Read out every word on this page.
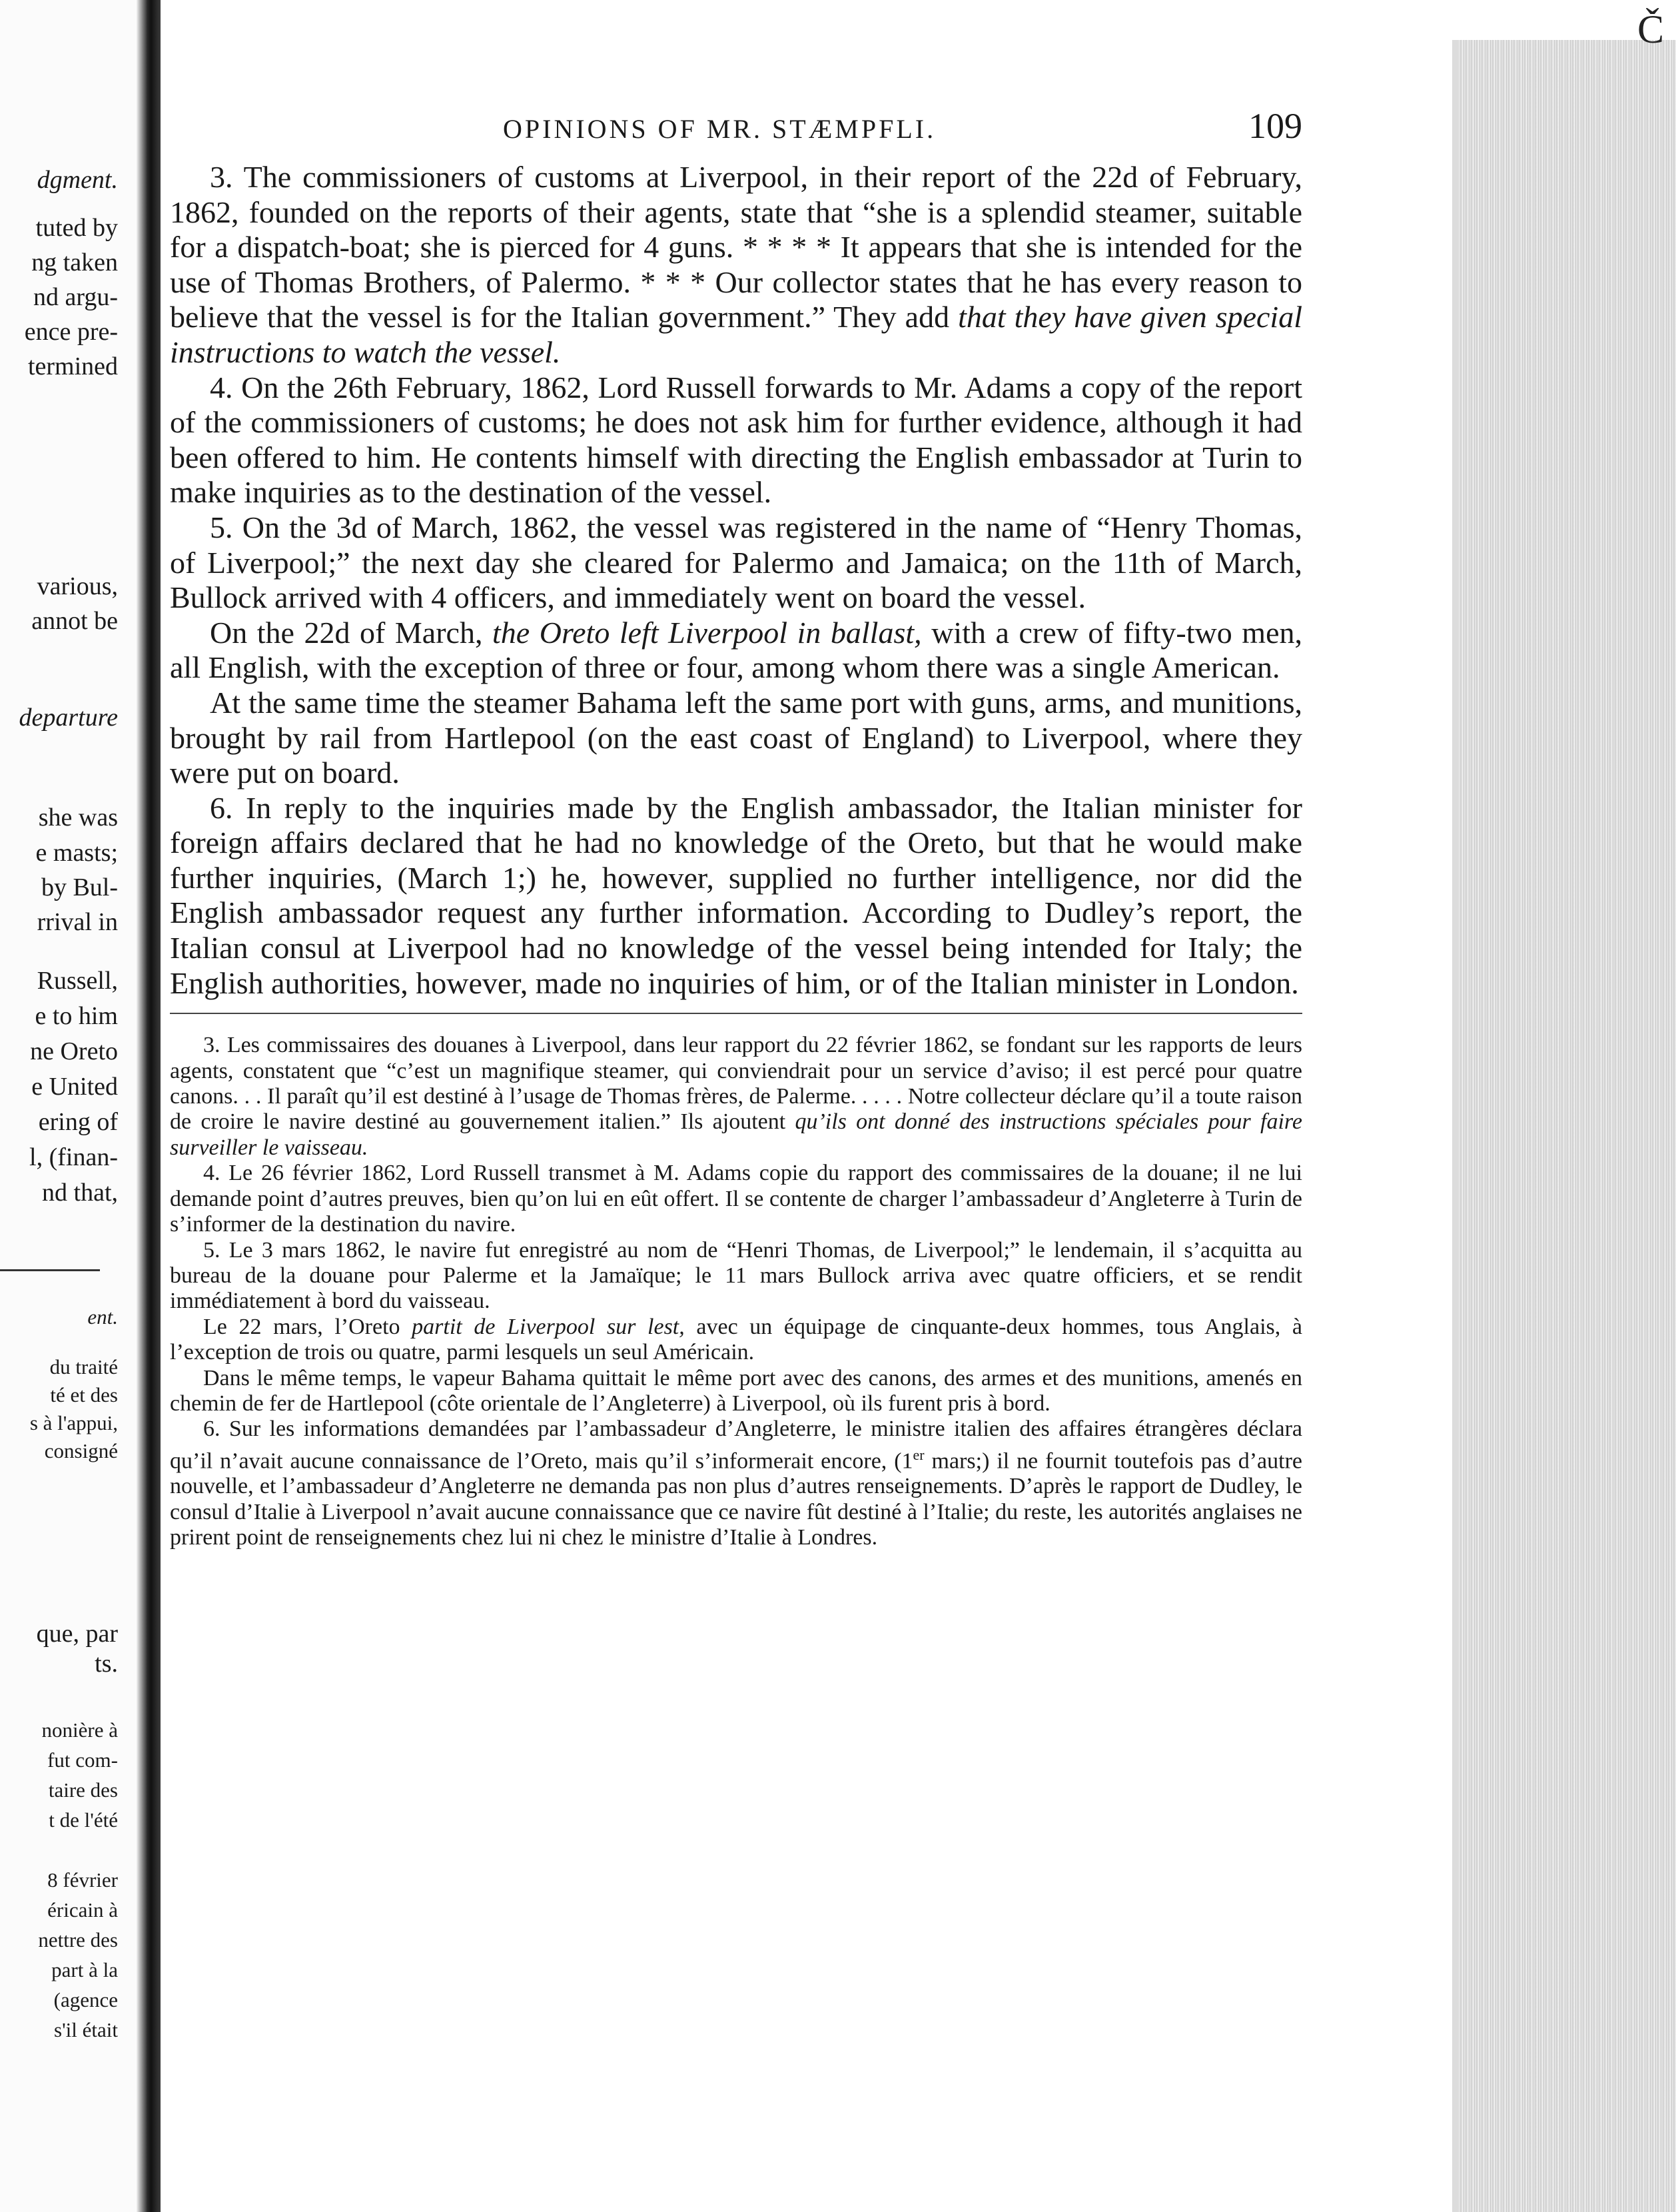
dgment.
tuted by
ng taken
nd argu-
ence pre-
termined
various,
annot be
departure
she was
e masts;
by Bul-
rrival in
Russell,
e to him
ne Oreto
e United
ering of
l, (finan-
nd that,
ent.
du traité
té et des
s à l'appui,
consigné
que, par
ts.
nonière à
fut com-
taire des
t de l'été
8 février
éricain à
nettre des
part à la
(agence
s'il était
Č
OPINIONS OF MR. STÆMPFLI.	109

3. The commissioners of customs at Liverpool, in their report of the 22d of February, 1862, founded on the reports of their agents, state that “she is a splendid steamer, suitable for a dispatch-boat; she is pierced for 4 guns. * * * * It appears that she is intended for the use of Thomas Brothers, of Palermo. * * * Our collector states that he has every reason to believe that the vessel is for the Italian government.” They add that they have given special instructions to watch the vessel.

4. On the 26th February, 1862, Lord Russell forwards to Mr. Adams a copy of the report of the commissioners of customs; he does not ask him for further evidence, although it had been offered to him. He contents himself with directing the English embassador at Turin to make inquiries as to the destination of the vessel.

5. On the 3d of March, 1862, the vessel was registered in the name of “Henry Thomas, of Liverpool;” the next day she cleared for Palermo and Jamaica; on the 11th of March, Bullock arrived with 4 officers, and immediately went on board the vessel.

On the 22d of March, the Oreto left Liverpool in ballast, with a crew of fifty-two men, all English, with the exception of three or four, among whom there was a single American.

At the same time the steamer Bahama left the same port with guns, arms, and munitions, brought by rail from Hartlepool (on the east coast of England) to Liverpool, where they were put on board.

6. In reply to the inquiries made by the English ambassador, the Italian minister for foreign affairs declared that he had no knowledge of the Oreto, but that he would make further inquiries, (March 1;) he, however, supplied no further intelligence, nor did the English ambassador request any further information. According to Dudley’s report, the Italian consul at Liverpool had no knowledge of the vessel being intended for Italy; the English authorities, however, made no inquiries of him, or of the Italian minister in London.

3. Les commissaires des douanes à Liverpool, dans leur rapport du 22 février 1862, se fondant sur les rapports de leurs agents, constatent que “c’est un magnifique steamer, qui conviendrait pour un service d’aviso; il est percé pour quatre canons. . . Il paraît qu’il est destiné à l’usage de Thomas frères, de Palerme. . . . . Notre collecteur déclare qu’il a toute raison de croire le navire destiné au gouvernement italien.” Ils ajoutent qu’ils ont donné des instructions spéciales pour faire surveiller le vaisseau.

4. Le 26 février 1862, Lord Russell transmet à M. Adams copie du rapport des commissaires de la douane; il ne lui demande point d’autres preuves, bien qu’on lui en eût offert. Il se contente de charger l’ambassadeur d’Angleterre à Turin de s’informer de la destination du navire.

5. Le 3 mars 1862, le navire fut enregistré au nom de “Henri Thomas, de Liverpool;” le lendemain, il s’acquitta au bureau de la douane pour Palerme et la Jamaïque; le 11 mars Bullock arriva avec quatre officiers, et se rendit immédiatement à bord du vaisseau.

Le 22 mars, l’Oreto partit de Liverpool sur lest, avec un équipage de cinquante-deux hommes, tous Anglais, à l’exception de trois ou quatre, parmi lesquels un seul Américain.

Dans le même temps, le vapeur Bahama quittait le même port avec des canons, des armes et des munitions, amenés en chemin de fer de Hartlepool (côte orientale de l’Angleterre) à Liverpool, où ils furent pris à bord.

6. Sur les informations demandées par l’ambassadeur d’Angleterre, le ministre italien des affaires étrangères déclara qu’il n’avait aucune connaissance de l’Oreto, mais qu’il s’informerait encore, (1er mars;) il ne fournit toutefois pas d’autre nouvelle, et l’ambassadeur d’Angleterre ne demanda pas non plus d’autres renseignements. D’après le rapport de Dudley, le consul d’Italie à Liverpool n’avait aucune connaissance que ce navire fût destiné à l’Italie; du reste, les autorités anglaises ne prirent point de renseignements chez lui ni chez le ministre d’Italie à Londres.
